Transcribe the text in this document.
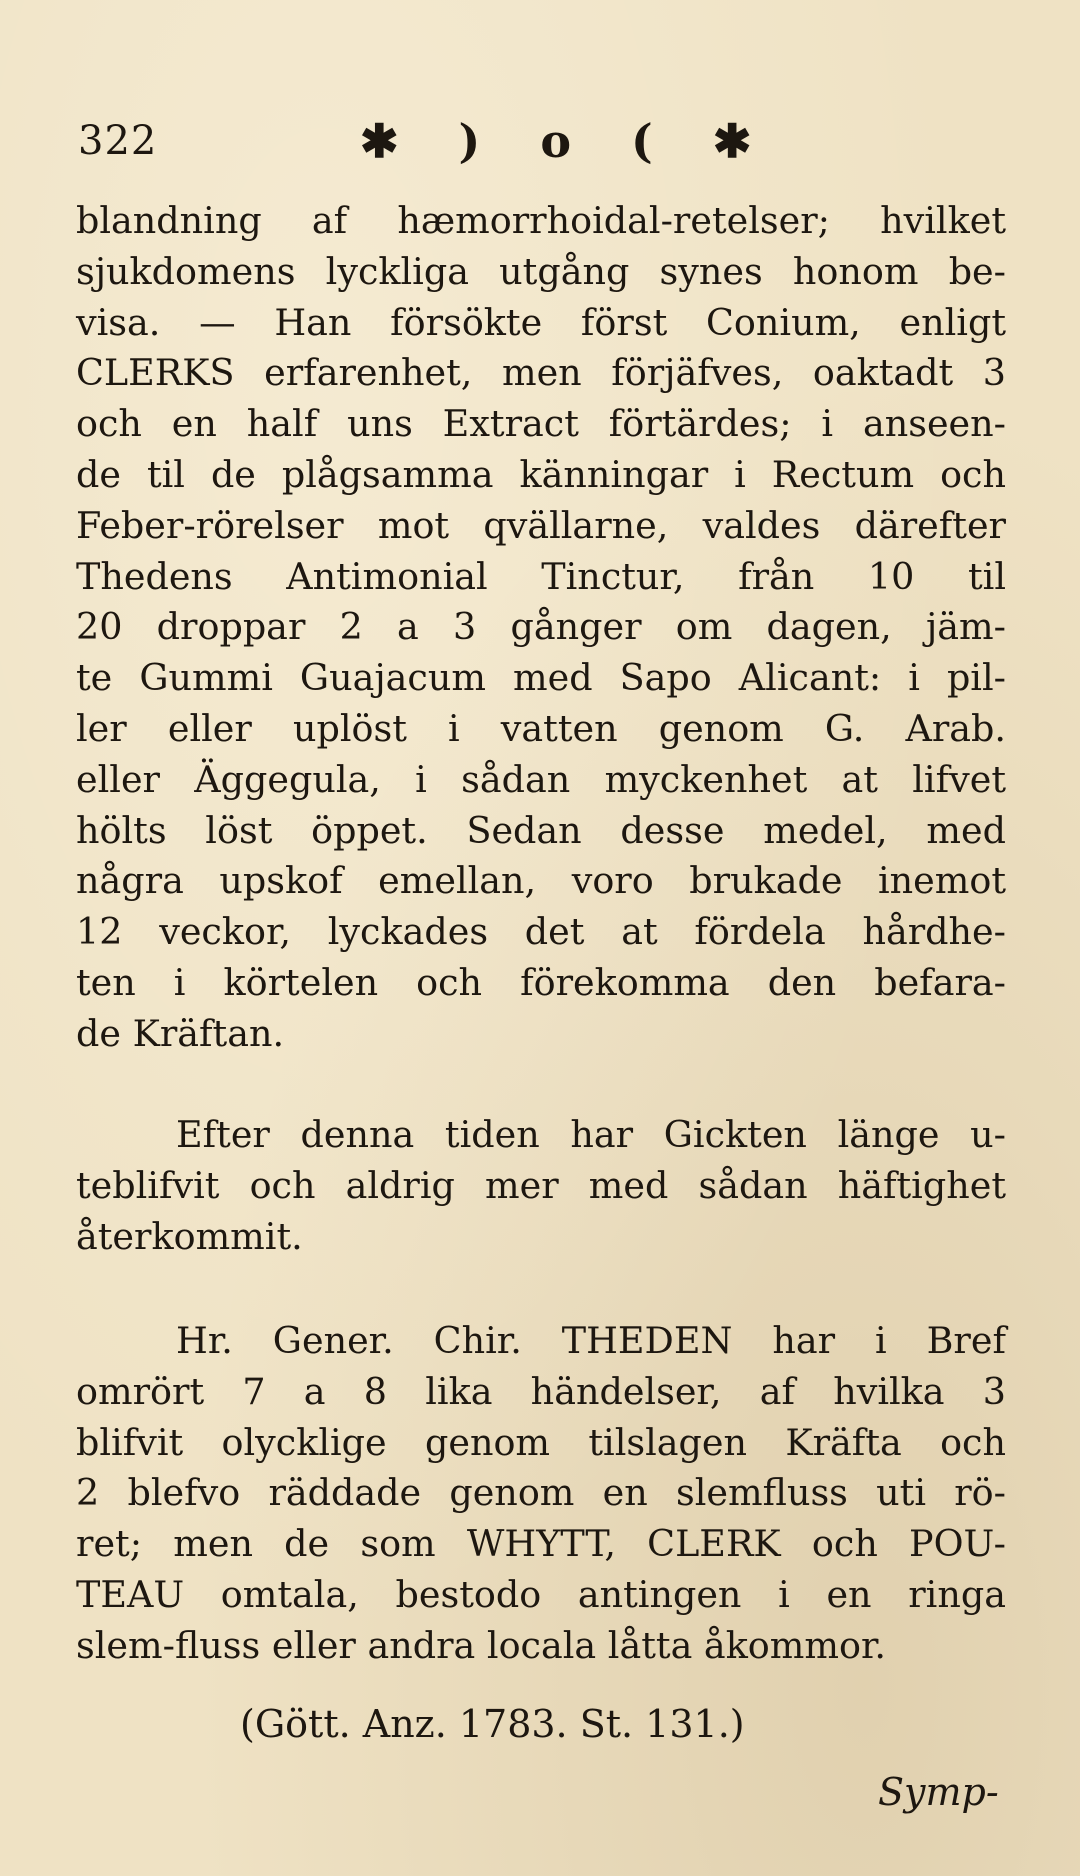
322	✱ ) o ( ✱
blandning af hæmorrhoidal-retelser; hvilket
sjukdomens lyckliga utgång synes honom be-
visa. — Han försökte först Conium, enligt
CLERKS erfarenhet, men förjäfves, oaktadt 3
och en half uns Extract förtärdes; i anseen-
de til de plågsamma känningar i Rectum och
Feber-rörelser mot qvällarne, valdes därefter
Thedens Antimonial Tinctur, från 10 til
20 droppar 2 a 3 gånger om dagen, jäm-
te Gummi Guajacum med Sapo Alicant: i pil-
ler eller uplöst i vatten genom G. Arab.
eller Äggegula, i sådan myckenhet at lifvet
hölts löst öppet. Sedan desse medel, med
några upskof emellan, voro brukade inemot
12 veckor, lyckades det at fördela hårdhe-
ten i körtelen och förekomma den befara-
de Kräftan.
Efter denna tiden har Gickten länge u-
teblifvit och aldrig mer med sådan häftighet
återkommit.
Hr. Gener. Chir. THEDEN har i Bref
omrört 7 a 8 lika händelser, af hvilka 3
blifvit olycklige genom tilslagen Kräfta och
2 blefvo räddade genom en slemfluss uti rö-
ret; men de som WHYTT, CLERK och POU-
TEAU omtala, bestodo antingen i en ringa
slem-fluss eller andra locala låtta åkommor.
(Gött. Anz. 1783. St. 131.)
Symp-
